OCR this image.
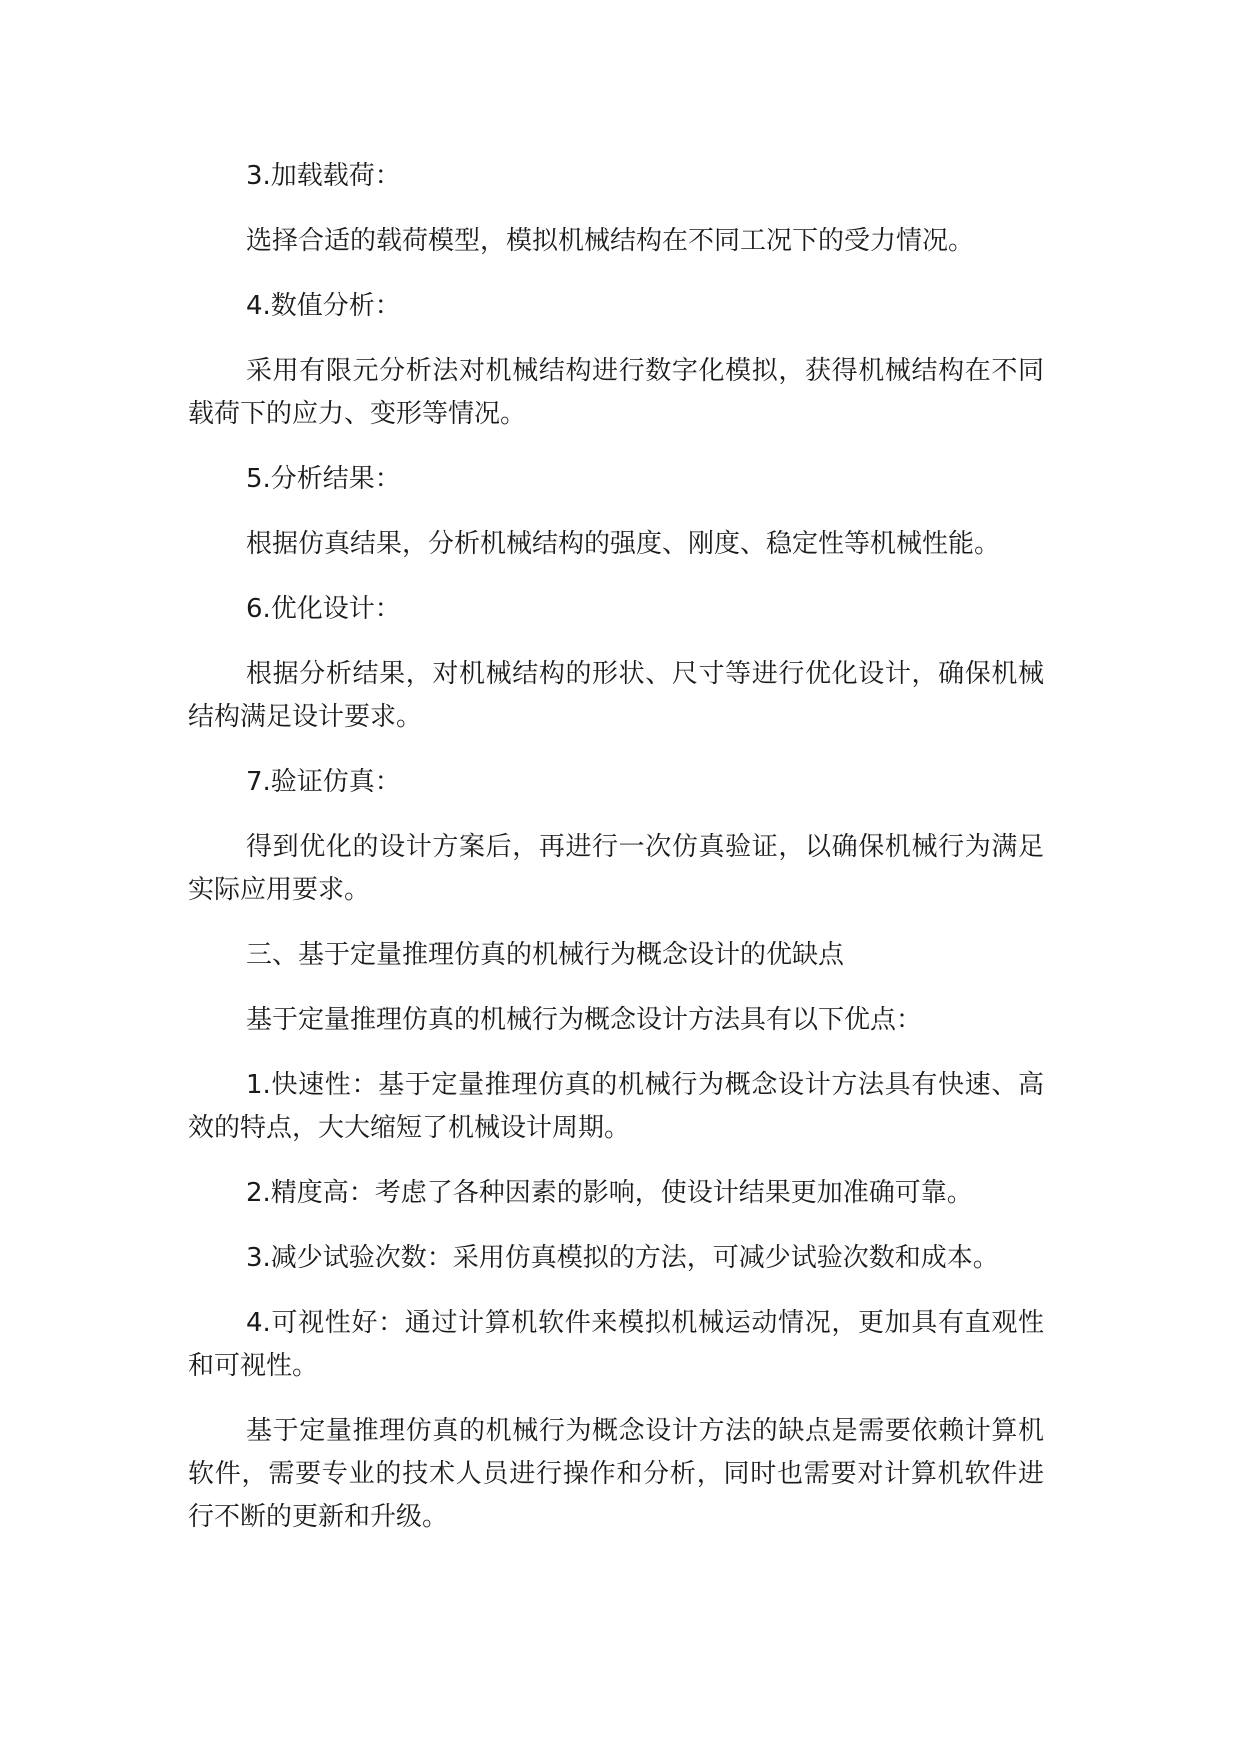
3.加载载荷：

选择合适的载荷模型，模拟机械结构在不同工况下的受力情况。

4.数值分析：

采用有限元分析法对机械结构进行数字化模拟，获得机械结构在不同载荷下的应力、变形等情况。

5.分析结果：

根据仿真结果，分析机械结构的强度、刚度、稳定性等机械性能。

6.优化设计：

根据分析结果，对机械结构的形状、尺寸等进行优化设计，确保机械结构满足设计要求。

7.验证仿真：

得到优化的设计方案后，再进行一次仿真验证，以确保机械行为满足实际应用要求。

三、基于定量推理仿真的机械行为概念设计的优缺点

基于定量推理仿真的机械行为概念设计方法具有以下优点：

1.快速性：基于定量推理仿真的机械行为概念设计方法具有快速、高效的特点，大大缩短了机械设计周期。

2.精度高：考虑了各种因素的影响，使设计结果更加准确可靠。

3.减少试验次数：采用仿真模拟的方法，可减少试验次数和成本。

4.可视性好：通过计算机软件来模拟机械运动情况，更加具有直观性和可视性。

基于定量推理仿真的机械行为概念设计方法的缺点是需要依赖计算机软件，需要专业的技术人员进行操作和分析，同时也需要对计算机软件进行不断的更新和升级。
